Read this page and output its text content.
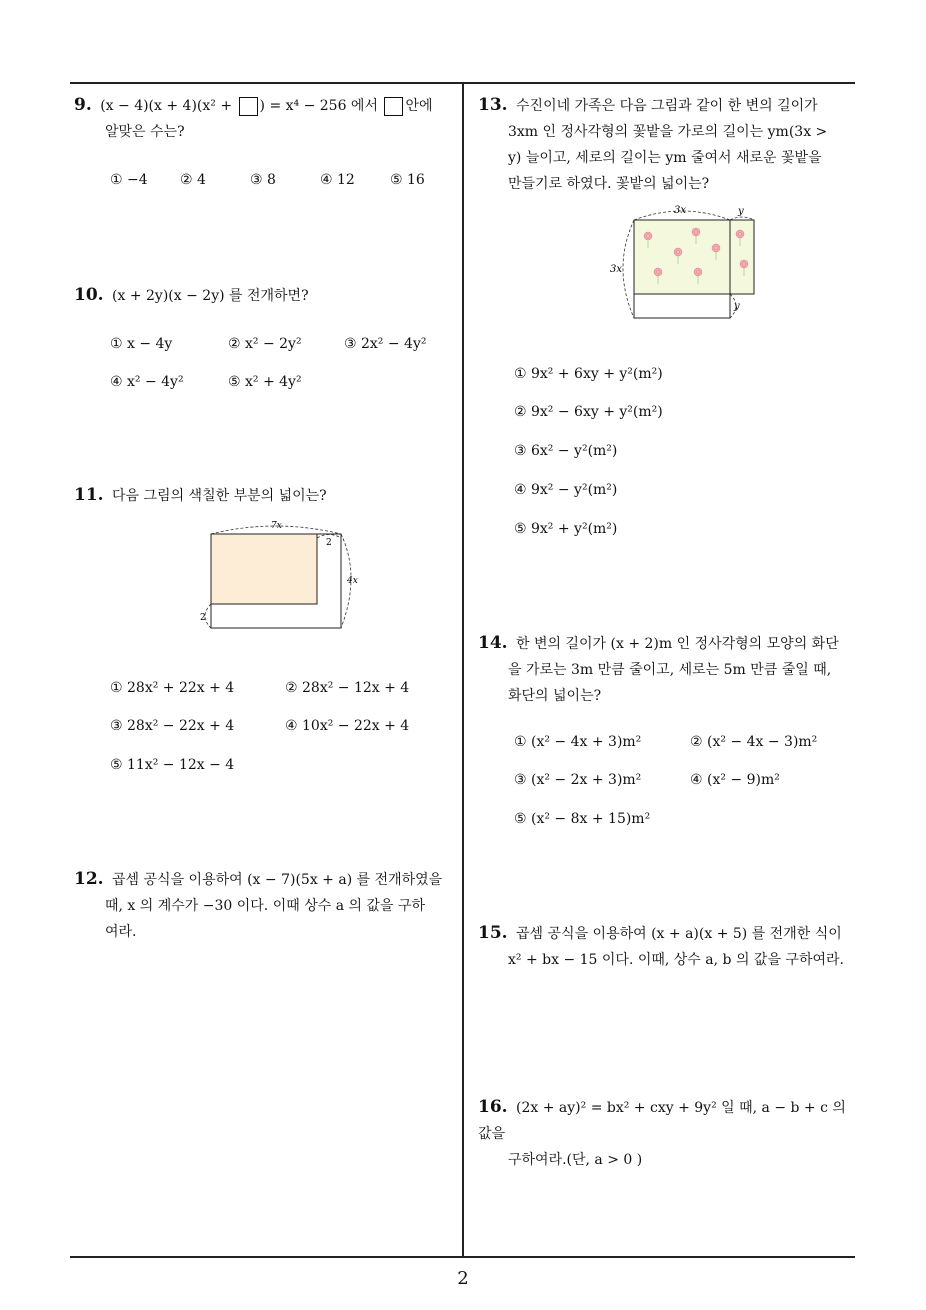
9. (x − 4)(x + 4)(x² + ) = x⁴ − 256 에서 안에
알맞은 수는?
① −4 ② 4	③ 8	④ 12	⑤ 16
10. (x + 2y)(x − 2y) 를 전개하면?
① x − 4y	② x² − 2y²	③ 2x² − 4y²
④ x² − 4y²	⑤ x² + 4y²
11. 다음 그림의 색칠한 부분의 넓이는?
7x
2
4x
2
① 28x² + 22x + 4	② 28x² − 12x + 4
③ 28x² − 22x + 4	④ 10x² − 22x + 4
⑤ 11x² − 12x − 4
12. 곱셈 공식을 이용하여 (x − 7)(5x + a) 를 전개하였을
때, x 의 계수가 −30 이다. 이때 상수 a 의 값을 구하
여라.
13. 수진이네 가족은 다음 그림과 같이 한 변의 길이가
3xm 인 정사각형의 꽃밭을 가로의 길이는 ym(3x >
y) 늘이고, 세로의 길이는 ym 줄여서 새로운 꽃밭을
만들기로 하였다. 꽃밭의 넓이는?
3x	y
3x
y
① 9x² + 6xy + y²(m²)
② 9x² − 6xy + y²(m²)
③ 6x² − y²(m²)
④ 9x² − y²(m²)
⑤ 9x² + y²(m²)
14. 한 변의 길이가 (x + 2)m 인 정사각형의 모양의 화단
을 가로는 3m 만큼 줄이고, 세로는 5m 만큼 줄일 때,
화단의 넓이는?
① (x² − 4x + 3)m²	② (x² − 4x − 3)m²
③ (x² − 2x + 3)m²	④ (x² − 9)m²
⑤ (x² − 8x + 15)m²
15. 곱셈 공식을 이용하여 (x + a)(x + 5) 를 전개한 식이
x² + bx − 15 이다. 이때, 상수 a, b 의 값을 구하여라.
16. (2x + ay)² = bx² + cxy + 9y² 일 때, a − b + c 의 값을
구하여라.(단, a > 0 )
2
